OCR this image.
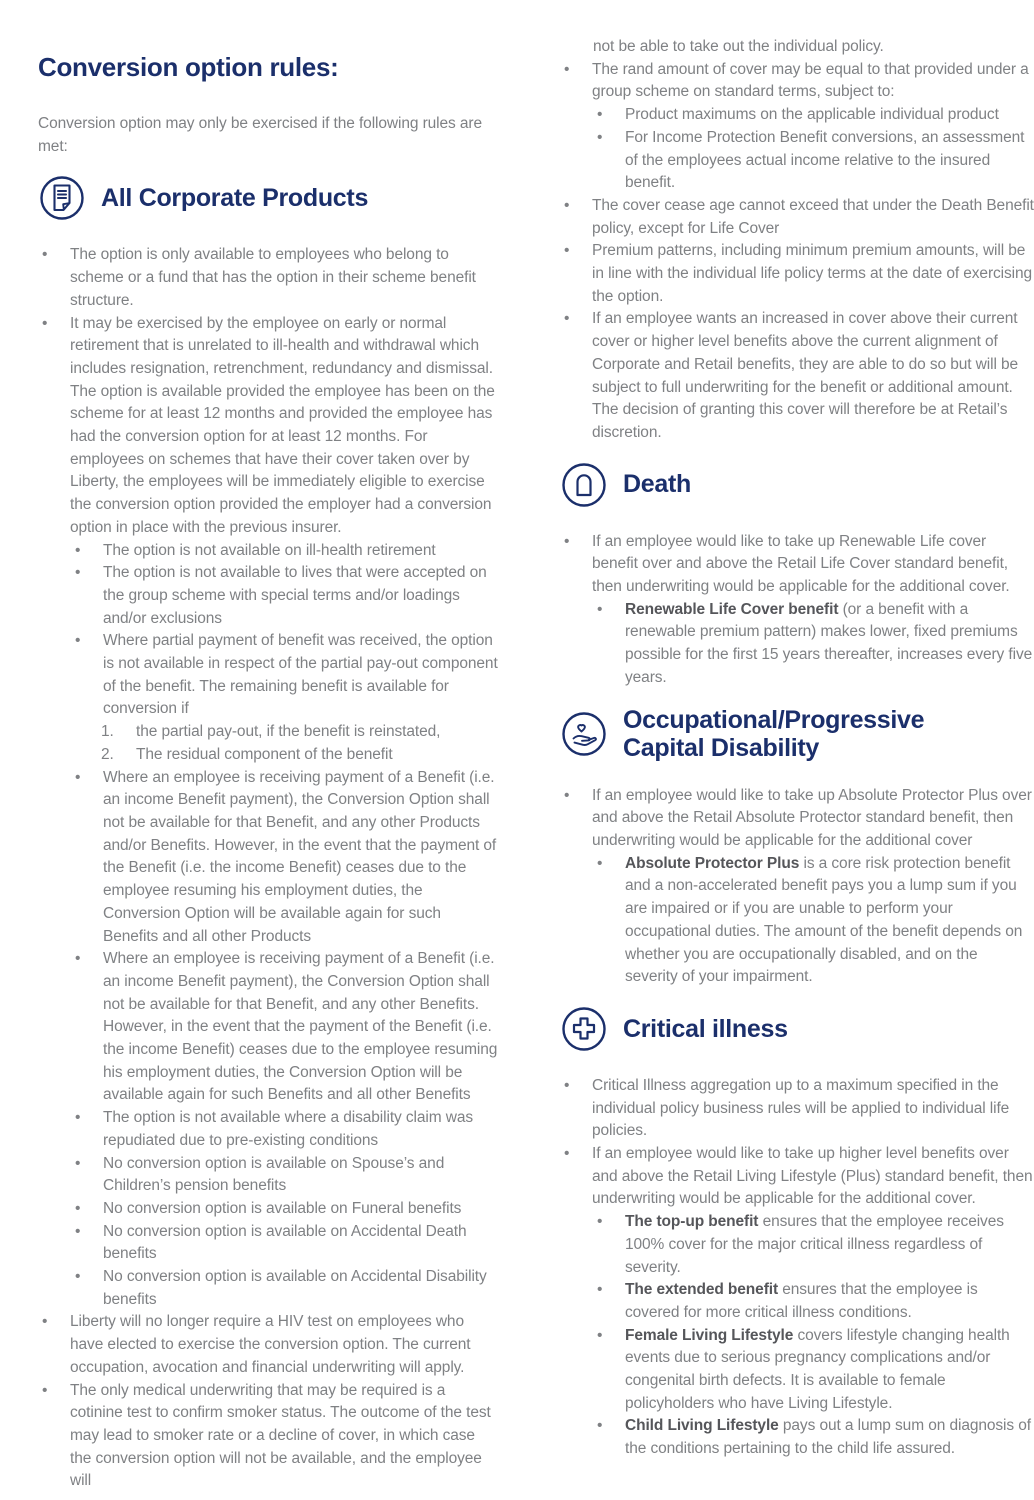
Conversion option rules:

Conversion option may only be exercised if the following rules are met:

All Corporate Products
• The option is only available to employees who belong to scheme or a fund that has the option in their scheme benefit structure.
• It may be exercised by the employee on early or normal retirement that is unrelated to ill-health and withdrawal which includes resignation, retrenchment, redundancy and dismissal. The option is available provided the employee has been on the scheme for at least 12 months and provided the employee has had the conversion option for at least 12 months. For employees on schemes that have their cover taken over by Liberty, the employees will be immediately eligible to exercise the conversion option provided the employer had a conversion option in place with the previous insurer.
• The option is not available on ill-health retirement
• The option is not available to lives that were accepted on the group scheme with special terms and/or loadings and/or exclusions
• Where partial payment of benefit was received, the option is not available in respect of the partial pay-out component of the benefit. The remaining benefit is available for conversion if
1. the partial pay-out, if the benefit is reinstated,
2. The residual component of the benefit
• Where an employee is receiving payment of a Benefit (i.e. an income Benefit payment), the Conversion Option shall not be available for that Benefit, and any other Products and/or Benefits. However, in the event that the payment of the Benefit (i.e. the income Benefit) ceases due to the employee resuming his employment duties, the Conversion Option will be available again for such Benefits and all other Products
• Where an employee is receiving payment of a Benefit (i.e. an income Benefit payment), the Conversion Option shall not be available for that Benefit, and any other Benefits. However, in the event that the payment of the Benefit (i.e. the income Benefit) ceases due to the employee resuming his employment duties, the Conversion Option will be available again for such Benefits and all other Benefits
• The option is not available where a disability claim was repudiated due to pre-existing conditions
• No conversion option is available on Spouse’s and Children’s pension benefits
• No conversion option is available on Funeral benefits
• No conversion option is available on Accidental Death benefits
• No conversion option is available on Accidental Disability benefits
• Liberty will no longer require a HIV test on employees who have elected to exercise the conversion option. The current occupation, avocation and financial underwriting will apply.
• The only medical underwriting that may be required is a cotinine test to confirm smoker status. The outcome of the test may lead to smoker rate or a decline of cover, in which case the conversion option will not be available, and the employee will

not be able to take out the individual policy.

• The rand amount of cover may be equal to that provided under a group scheme on standard terms, subject to:
• Product maximums on the applicable individual product
• For Income Protection Benefit conversions, an assessment of the employees actual income relative to the insured benefit.
• The cover cease age cannot exceed that under the Death Benefit policy, except for Life Cover
• Premium patterns, including minimum premium amounts, will be in line with the individual life policy terms at the date of exercising the option.
• If an employee wants an increased in cover above their current cover or higher level benefits above the current alignment of Corporate and Retail benefits, they are able to do so but will be subject to full underwriting for the benefit or additional amount. The decision of granting this cover will therefore be at Retail’s discretion.
Death
• If an employee would like to take up Renewable Life cover benefit over and above the Retail Life Cover standard benefit, then underwriting would be applicable for the additional cover.
• Renewable Life Cover benefit (or a benefit with a renewable premium pattern) makes lower, fixed premiums possible for the first 15 years thereafter, increases every five years.
Occupational/Progressive
Capital Disability
• If an employee would like to take up Absolute Protector Plus over and above the Retail Absolute Protector standard benefit, then underwriting would be applicable for the additional cover
• Absolute Protector Plus is a core risk protection benefit and a non-accelerated benefit pays you a lump sum if you are impaired or if you are unable to perform your occupational duties. The amount of the benefit depends on whether you are occupationally disabled, and on the severity of your impairment.
Critical illness
• Critical Illness aggregation up to a maximum specified in the individual policy business rules will be applied to individual life policies.
• If an employee would like to take up higher level benefits over and above the Retail Living Lifestyle (Plus) standard benefit, then underwriting would be applicable for the additional cover.
• The top-up benefit ensures that the employee receives 100% cover for the major critical illness regardless of severity.
• The extended benefit ensures that the employee is covered for more critical illness conditions.
• Female Living Lifestyle covers lifestyle changing health events due to serious pregnancy complications and/or congenital birth defects. It is available to female policyholders who have Living Lifestyle.
• Child Living Lifestyle pays out a lump sum on diagnosis of the conditions pertaining to the child life assured.
